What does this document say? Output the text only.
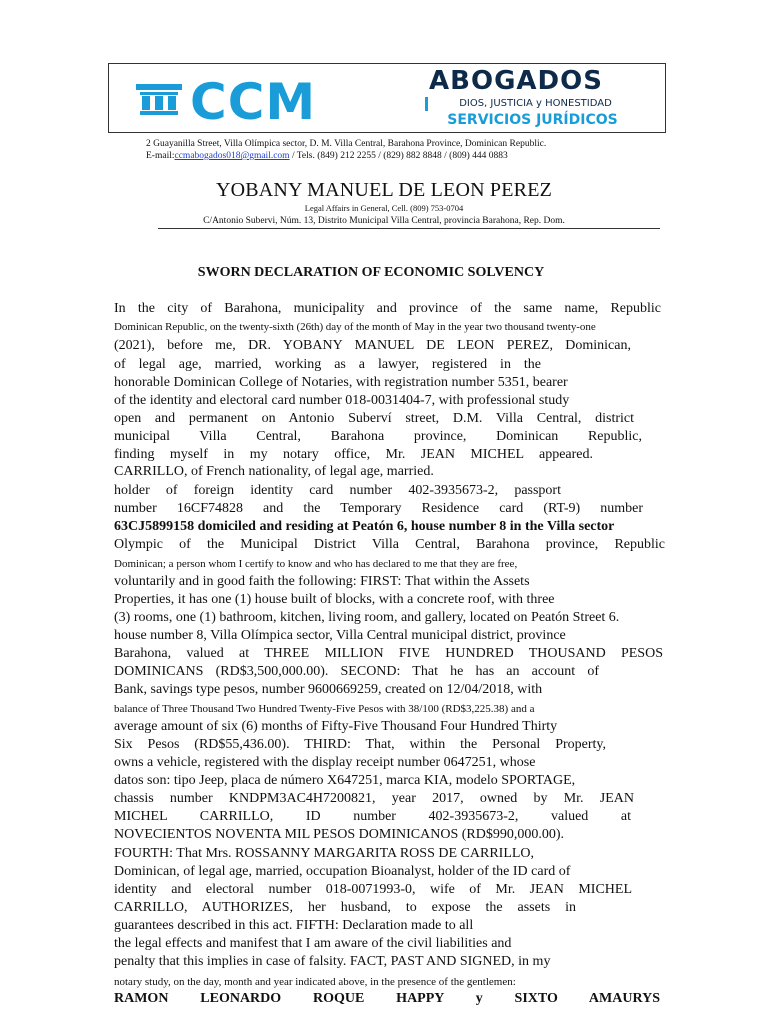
CCM	ABOGADOS
DIOS, JUSTICIA y HONESTIDAD
SERVICIOS JURÍDICOS
2 Guayanilla Street, Villa Olímpica sector, D. M. Villa Central, Barahona Province, Dominican Republic.
E-mail:ccmabogados018@gmail.com / Tels. (849) 212 2255 / (829) 882 8848 / (809) 444 0883
YOBANY MANUEL DE LEON PEREZ
Legal Affairs in General, Cell. (809) 753-0704
C/Antonio Subervi, Núm. 13, Distrito Municipal Villa Central, provincia Barahona, Rep. Dom.
SWORN DECLARATION OF ECONOMIC SOLVENCY
In the city of Barahona, municipality and province of the same name, Republic
Dominican Republic, on the twenty-sixth (26th) day of the month of May in the year two thousand twenty-one
(2021), before me, DR. YOBANY MANUEL DE LEON PEREZ, Dominican,
of legal age, married, working as a lawyer, registered in the
honorable Dominican College of Notaries, with registration number 5351, bearer
of the identity and electoral card number 018-0031404-7, with professional study
open and permanent on Antonio Suberví street, D.M. Villa Central, district
municipal Villa Central, Barahona province, Dominican Republic,
finding myself in my notary office, Mr. JEAN MICHEL appeared.
CARRILLO, of French nationality, of legal age, married.
holder of foreign identity card number 402-3935673-2, passport
number 16CF74828 and the Temporary Residence card (RT-9) number
63CJ5899158 domiciled and residing at Peatón 6, house number 8 in the Villa sector
Olympic of the Municipal District Villa Central, Barahona province, Republic
Dominican; a person whom I certify to know and who has declared to me that they are free,
voluntarily and in good faith the following: FIRST: That within the Assets
Properties, it has one (1) house built of blocks, with a concrete roof, with three
(3) rooms, one (1) bathroom, kitchen, living room, and gallery, located on Peatón Street 6.
house number 8, Villa Olímpica sector, Villa Central municipal district, province
Barahona, valued at THREE MILLION FIVE HUNDRED THOUSAND PESOS
DOMINICANS (RD$3,500,000.00). SECOND: That he has an account of
Bank, savings type pesos, number 9600669259, created on 12/04/2018, with
balance of Three Thousand Two Hundred Twenty-Five Pesos with 38/100 (RD$3,225.38) and a
average amount of six (6) months of Fifty-Five Thousand Four Hundred Thirty
Six Pesos (RD$55,436.00). THIRD: That, within the Personal Property,
owns a vehicle, registered with the display receipt number 0647251, whose
datos son: tipo Jeep, placa de número X647251, marca KIA, modelo SPORTAGE,
chassis number KNDPM3AC4H7200821, year 2017, owned by Mr. JEAN
MICHEL CARRILLO, ID number 402-3935673-2, valued at
NOVECIENTOS NOVENTA MIL PESOS DOMINICANOS (RD$990,000.00).
FOURTH: That Mrs. ROSSANNY MARGARITA ROSS DE CARRILLO,
Dominican, of legal age, married, occupation Bioanalyst, holder of the ID card of
identity and electoral number 018-0071993-0, wife of Mr. JEAN MICHEL
CARRILLO, AUTHORIZES, her husband, to expose the assets in
guarantees described in this act. FIFTH: Declaration made to all
the legal effects and manifest that I am aware of the civil liabilities and
penalty that this implies in case of falsity. FACT, PAST AND SIGNED, in my
notary study, on the day, month and year indicated above, in the presence of the gentlemen:
RAMON LEONARDO ROQUE HAPPY y SIXTO AMAURYS
